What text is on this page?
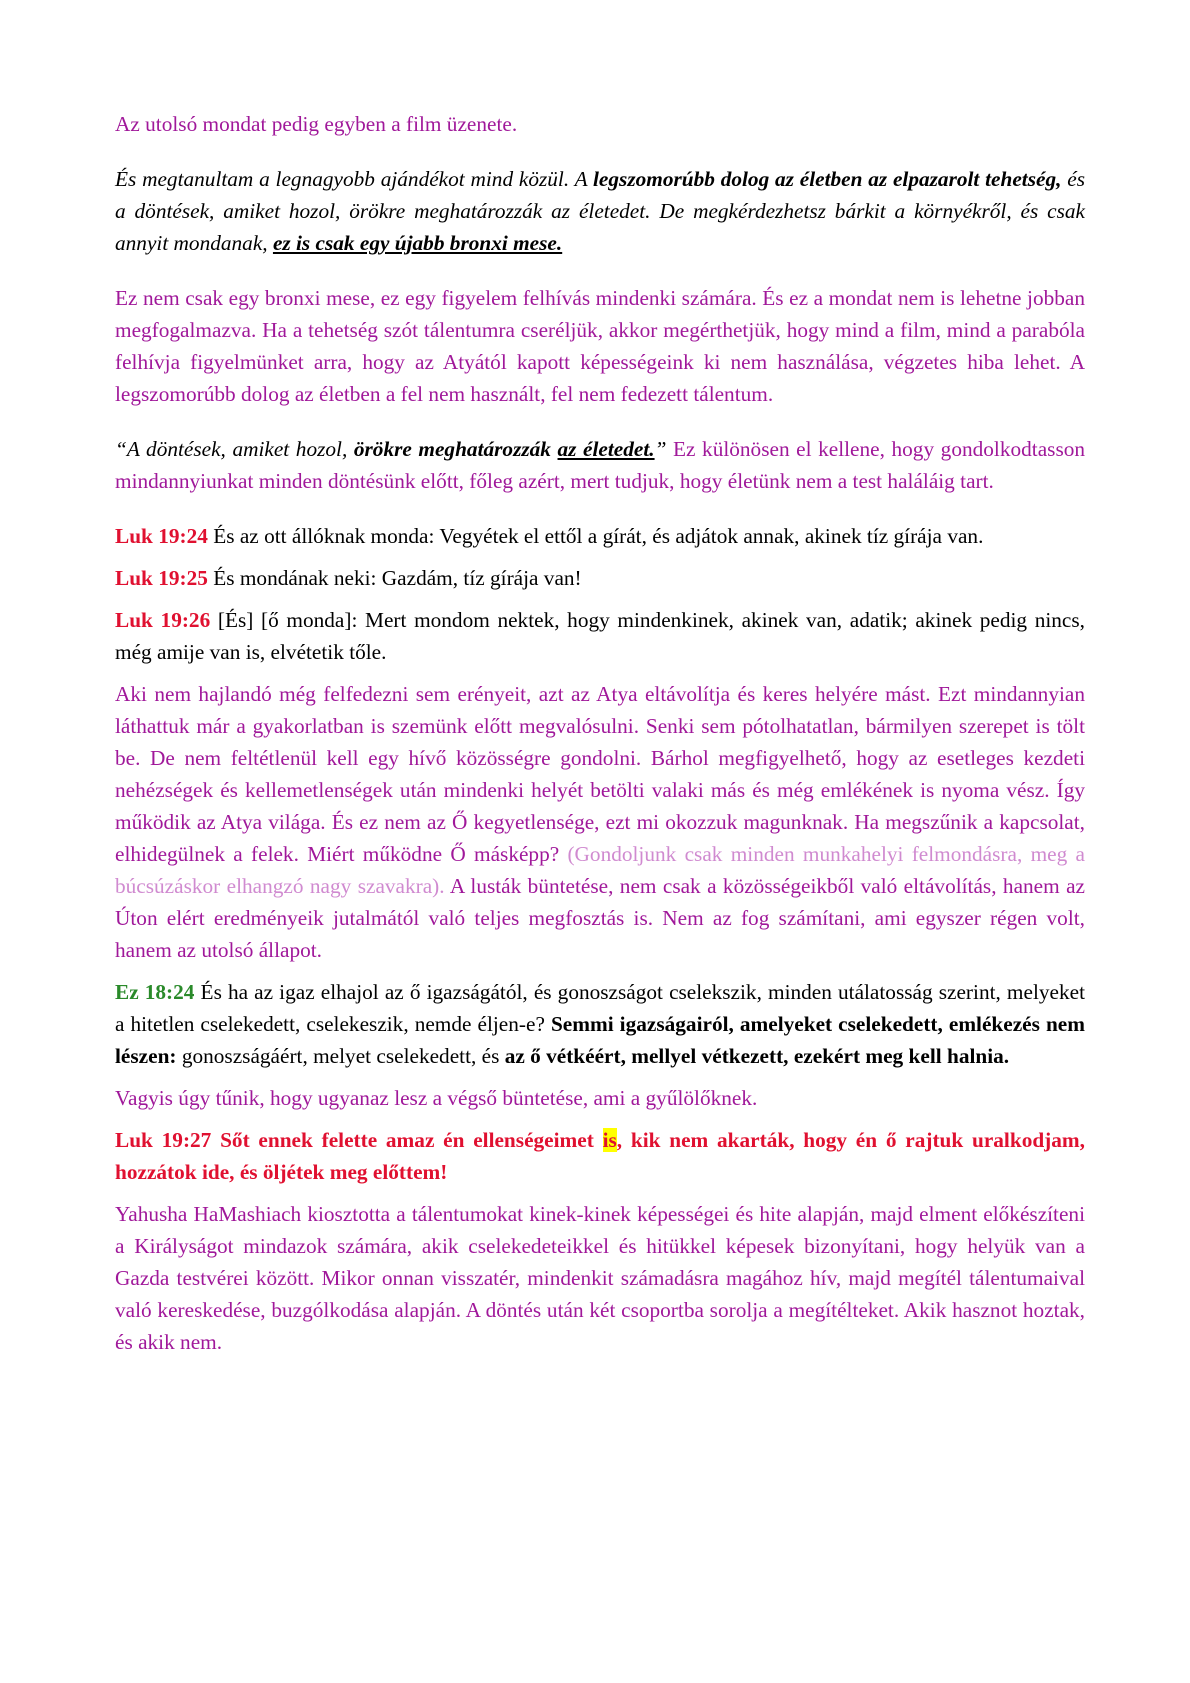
Az utolsó mondat pedig egyben a film üzenete.

És megtanultam a legnagyobb ajándékot mind közül. A legszomorúbb dolog az életben az elpazarolt tehetség, és a döntések, amiket hozol, örökre meghatározzák az életedet. De megkérdezhetsz bárkit a környékről, és csak annyit mondanak, ez is csak egy újabb bronxi mese.

Ez nem csak egy bronxi mese, ez egy figyelem felhívás mindenki számára. És ez a mondat nem is lehetne jobban megfogalmazva. Ha a tehetség szót tálentumra cseréljük, akkor megérthetjük, hogy mind a film, mind a parabóla felhívja figyelmünket arra, hogy az Atyától kapott képességeink ki nem használása, végzetes hiba lehet. A legszomorúbb dolog az életben a fel nem használt, fel nem fedezett tálentum.

“A döntések, amiket hozol, örökre meghatározzák az életedet.” Ez különösen el kellene, hogy gondolkodtasson mindannyiunkat minden döntésünk előtt, főleg azért, mert tudjuk, hogy életünk nem a test haláláig tart.

Luk 19:24 És az ott állóknak monda: Vegyétek el ettől a gírát, és adjátok annak, akinek tíz gírája van.

Luk 19:25 És mondának neki: Gazdám, tíz gírája van!

Luk 19:26 [És] [ő monda]: Mert mondom nektek, hogy mindenkinek, akinek van, adatik; akinek pedig nincs, még amije van is, elvétetik tőle.

Aki nem hajlandó még felfedezni sem erényeit, azt az Atya eltávolítja és keres helyére mást. Ezt mindannyian láthattuk már a gyakorlatban is szemünk előtt megvalósulni. Senki sem pótolhatatlan, bármilyen szerepet is tölt be. De nem feltétlenül kell egy hívő közösségre gondolni. Bárhol megfigyelhető, hogy az esetleges kezdeti nehézségek és kellemetlenségek után mindenki helyét betölti valaki más és még emlékének is nyoma vész. Így működik az Atya világa. És ez nem az Ő kegyetlensége, ezt mi okozzuk magunknak. Ha megszűnik a kapcsolat, elhidegülnek a felek. Miért működne Ő másképp? (Gondoljunk csak minden munkahelyi felmondásra, meg a búcsúzáskor elhangzó nagy szavakra). A lusták büntetése, nem csak a közösségeikből való eltávolítás, hanem az Úton elért eredményeik jutalmától való teljes megfosztás is. Nem az fog számítani, ami egyszer régen volt, hanem az utolsó állapot.

Ez 18:24 És ha az igaz elhajol az ő igazságától, és gonoszságot cselekszik, minden utálatosság szerint, melyeket a hitetlen cselekedett, cselekeszik, nemde éljen-e? Semmi igazságairól, amelyeket cselekedett, emlékezés nem lészen: gonoszságáért, melyet cselekedett, és az ő vétkéért, mellyel vétkezett, ezekért meg kell halnia.

Vagyis úgy tűnik, hogy ugyanaz lesz a végső büntetése, ami a gyűlölőknek.

Luk 19:27 Sőt ennek felette amaz én ellenségeimet is, kik nem akarták, hogy én ő rajtuk uralkodjam, hozzátok ide, és öljétek meg előttem!

Yahusha HaMashiach kiosztotta a tálentumokat kinek-kinek képességei és hite alapján, majd elment előkészíteni a Királyságot mindazok számára, akik cselekedeteikkel és hitükkel képesek bizonyítani, hogy helyük van a Gazda testvérei között. Mikor onnan visszatér, mindenkit számadásra magához hív, majd megítél tálentumaival való kereskedése, buzgólkodása alapján. A döntés után két csoportba sorolja a megítélteket. Akik hasznot hoztak, és akik nem.
